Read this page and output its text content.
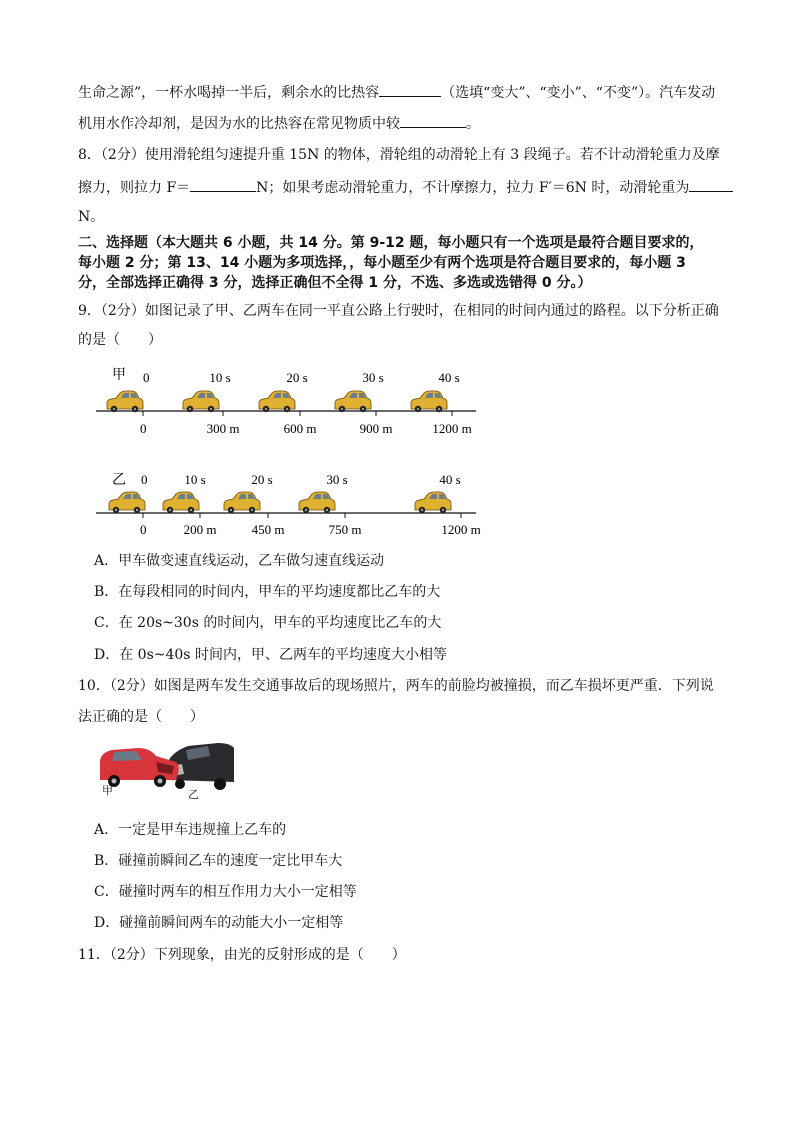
生命之源”，一杯水喝掉一半后，剩余水的比热容	（选填“变大”、“变小”、“不变”）。汽车发动
机用水作冷却剂，是因为水的比热容在常见物质中较	。
8．（2分）使用滑轮组匀速提升重 15N 的物体，滑轮组的动滑轮上有 3 段绳子。若不计动滑轮重力及摩
擦力，则拉力 F＝	N；如果考虑动滑轮重力，不计摩擦力，拉力 F′＝6N 时，动滑轮重为
N。
二、选择题（本大题共 6 小题，共 14 分。第 9-12 题，每小题只有一个选项是最符合题目要求的，
每小题 2 分；第 13、14 小题为多项选择，，每小题至少有两个选项是符合题目要求的，每小题 3
分，全部选择正确得 3 分，选择正确但不全得 1 分，不选、多选或选错得 0 分。）
9．（2分）如图记录了甲、乙两车在同一平直公路上行驶时，在相同的时间内通过的路程。以下分析正确
的是（　　）
甲 0
0
10 s
300 m
20 s
600 m
30 s
900 m
40 s
1200 m
乙 0
0
10 s
200 m
20 s
450 m
30 s
750 m
40 s
1200 m
A．甲车做变速直线运动，乙车做匀速直线运动
B．在每段相同的时间内，甲车的平均速度都比乙车的大
C．在 20s~30s 的时间内，甲车的平均速度比乙车的大
D．在 0s~40s 时间内，甲、乙两车的平均速度大小相等
10．（2分）如图是两车发生交通事故后的现场照片，两车的前脸均被撞损，而乙车损坏更严重．下列说
法正确的是（　　）
甲	乙
A．一定是甲车违规撞上乙车的
B．碰撞前瞬间乙车的速度一定比甲车大
C．碰撞时两车的相互作用力大小一定相等
D．碰撞前瞬间两车的动能大小一定相等
11．（2分）下列现象，由光的反射形成的是（　　）
